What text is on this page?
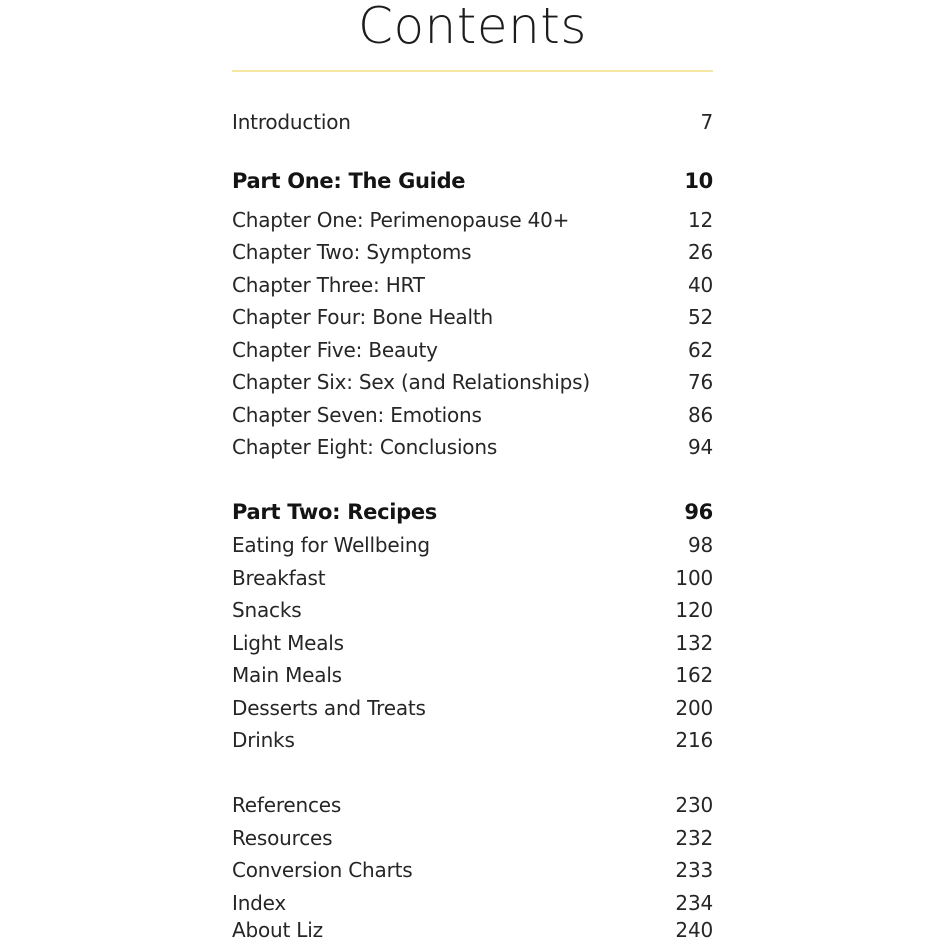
Contents
Introduction	7
Part One: The Guide	10
Chapter One: Perimenopause 40+	12
Chapter Two: Symptoms	26
Chapter Three: HRT	40
Chapter Four: Bone Health	52
Chapter Five: Beauty	62
Chapter Six: Sex (and Relationships)	76
Chapter Seven: Emotions	86
Chapter Eight: Conclusions	94
Part Two: Recipes	96
Eating for Wellbeing	98
Breakfast	100
Snacks	120
Light Meals	132
Main Meals	162
Desserts and Treats	200
Drinks	216
References	230
Resources	232
Conversion Charts	233
Index	234
About Liz	240
